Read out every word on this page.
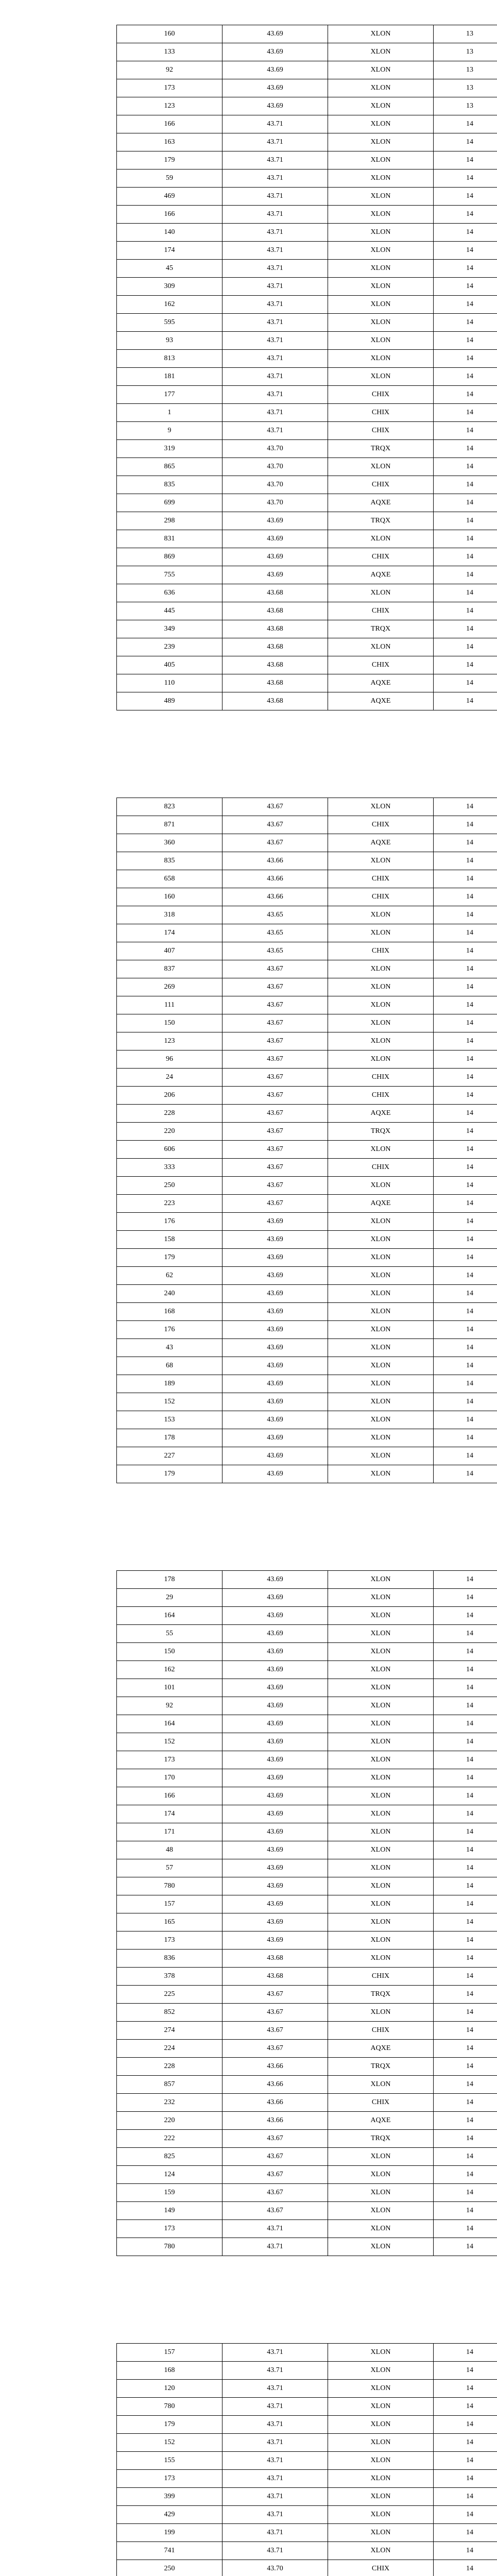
160	43.69	XLON	13
133	43.69	XLON	13
92	43.69	XLON	13
173	43.69	XLON	13
123	43.69	XLON	13
166	43.71	XLON	14
163	43.71	XLON	14
179	43.71	XLON	14
59	43.71	XLON	14
469	43.71	XLON	14
166	43.71	XLON	14
140	43.71	XLON	14
174	43.71	XLON	14
45	43.71	XLON	14
309	43.71	XLON	14
162	43.71	XLON	14
595	43.71	XLON	14
93	43.71	XLON	14
813	43.71	XLON	14
181	43.71	XLON	14
177	43.71	CHIX	14
1	43.71	CHIX	14
9	43.71	CHIX	14
319	43.70	TRQX	14
865	43.70	XLON	14
835	43.70	CHIX	14
699	43.70	AQXE	14
298	43.69	TRQX	14
831	43.69	XLON	14
869	43.69	CHIX	14
755	43.69	AQXE	14
636	43.68	XLON	14
445	43.68	CHIX	14
349	43.68	TRQX	14
239	43.68	XLON	14
405	43.68	CHIX	14
110	43.68	AQXE	14
489	43.68	AQXE	14
823	43.67	XLON	14
871	43.67	CHIX	14
360	43.67	AQXE	14
835	43.66	XLON	14
658	43.66	CHIX	14
160	43.66	CHIX	14
318	43.65	XLON	14
174	43.65	XLON	14
407	43.65	CHIX	14
837	43.67	XLON	14
269	43.67	XLON	14
111	43.67	XLON	14
150	43.67	XLON	14
123	43.67	XLON	14
96	43.67	XLON	14
24	43.67	CHIX	14
206	43.67	CHIX	14
228	43.67	AQXE	14
220	43.67	TRQX	14
606	43.67	XLON	14
333	43.67	CHIX	14
250	43.67	XLON	14
223	43.67	AQXE	14
176	43.69	XLON	14
158	43.69	XLON	14
179	43.69	XLON	14
62	43.69	XLON	14
240	43.69	XLON	14
168	43.69	XLON	14
176	43.69	XLON	14
43	43.69	XLON	14
68	43.69	XLON	14
189	43.69	XLON	14
152	43.69	XLON	14
153	43.69	XLON	14
178	43.69	XLON	14
227	43.69	XLON	14
179	43.69	XLON	14
178	43.69	XLON	14
29	43.69	XLON	14
164	43.69	XLON	14
55	43.69	XLON	14
150	43.69	XLON	14
162	43.69	XLON	14
101	43.69	XLON	14
92	43.69	XLON	14
164	43.69	XLON	14
152	43.69	XLON	14
173	43.69	XLON	14
170	43.69	XLON	14
166	43.69	XLON	14
174	43.69	XLON	14
171	43.69	XLON	14
48	43.69	XLON	14
57	43.69	XLON	14
780	43.69	XLON	14
157	43.69	XLON	14
165	43.69	XLON	14
173	43.69	XLON	14
836	43.68	XLON	14
378	43.68	CHIX	14
225	43.67	TRQX	14
852	43.67	XLON	14
274	43.67	CHIX	14
224	43.67	AQXE	14
228	43.66	TRQX	14
857	43.66	XLON	14
232	43.66	CHIX	14
220	43.66	AQXE	14
222	43.67	TRQX	14
825	43.67	XLON	14
124	43.67	XLON	14
159	43.67	XLON	14
149	43.67	XLON	14
173	43.71	XLON	14
780	43.71	XLON	14
157	43.71	XLON	14
168	43.71	XLON	14
120	43.71	XLON	14
780	43.71	XLON	14
179	43.71	XLON	14
152	43.71	XLON	14
155	43.71	XLON	14
173	43.71	XLON	14
399	43.71	XLON	14
429	43.71	XLON	14
199	43.71	XLON	14
741	43.71	XLON	14
250	43.70	CHIX	14
